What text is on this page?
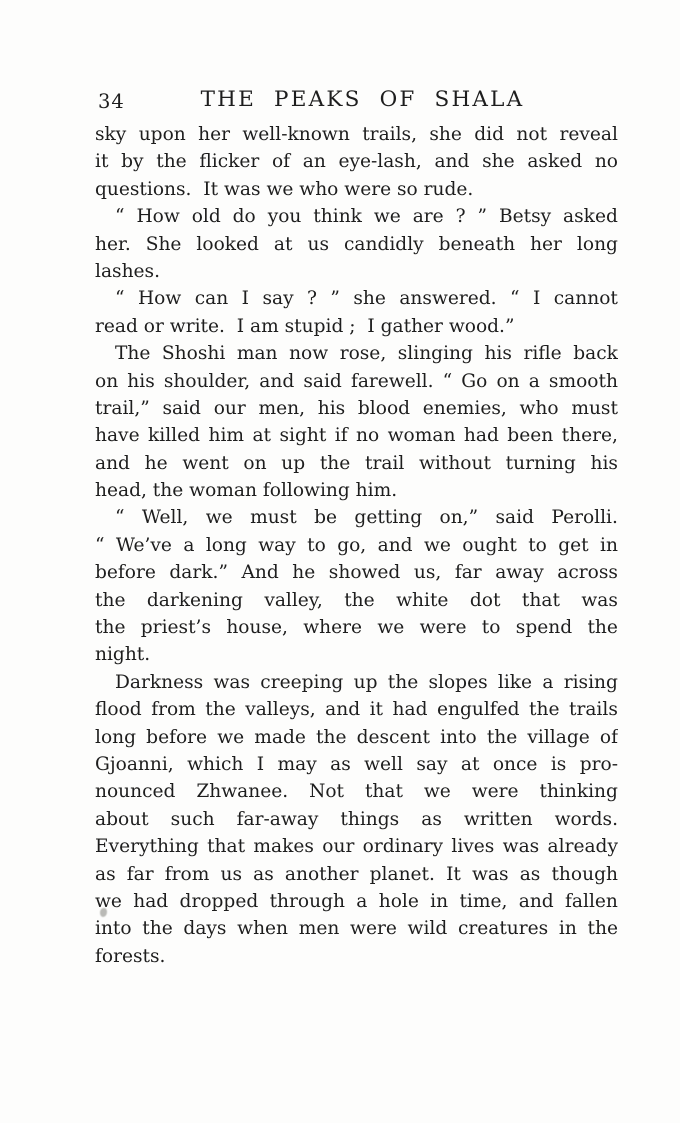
34	THE PEAKS OF SHALA
sky upon her well-known trails, she did not reveal
it by the flicker of an eye-lash, and she asked no
questions.  It was we who were so rude.
“ How old do you think we are ? ” Betsy asked
her. She looked at us candidly beneath her long
lashes.
“ How can I say ? ” she answered. “ I cannot
read or write.  I am stupid ;  I gather wood.”
The Shoshi man now rose, slinging his rifle back
on his shoulder, and said farewell. “ Go on a smooth
trail,” said our men, his blood enemies, who must
have killed him at sight if no woman had been there,
and he went on up the trail without turning his
head, the woman following him.
“ Well, we must be getting on,” said Perolli.
“ We’ve a long way to go, and we ought to get in
before dark.” And he showed us, far away across
the darkening valley, the white dot that was
the priest’s house, where we were to spend the
night.
Darkness was creeping up the slopes like a rising
flood from the valleys, and it had engulfed the trails
long before we made the descent into the village of
Gjoanni, which I may as well say at once is pro-
nounced Zhwanee. Not that we were thinking
about such far-away things as written words.
Everything that makes our ordinary lives was already
as far from us as another planet. It was as though
we had dropped through a hole in time, and fallen
into the days when men were wild creatures in the
forests.
